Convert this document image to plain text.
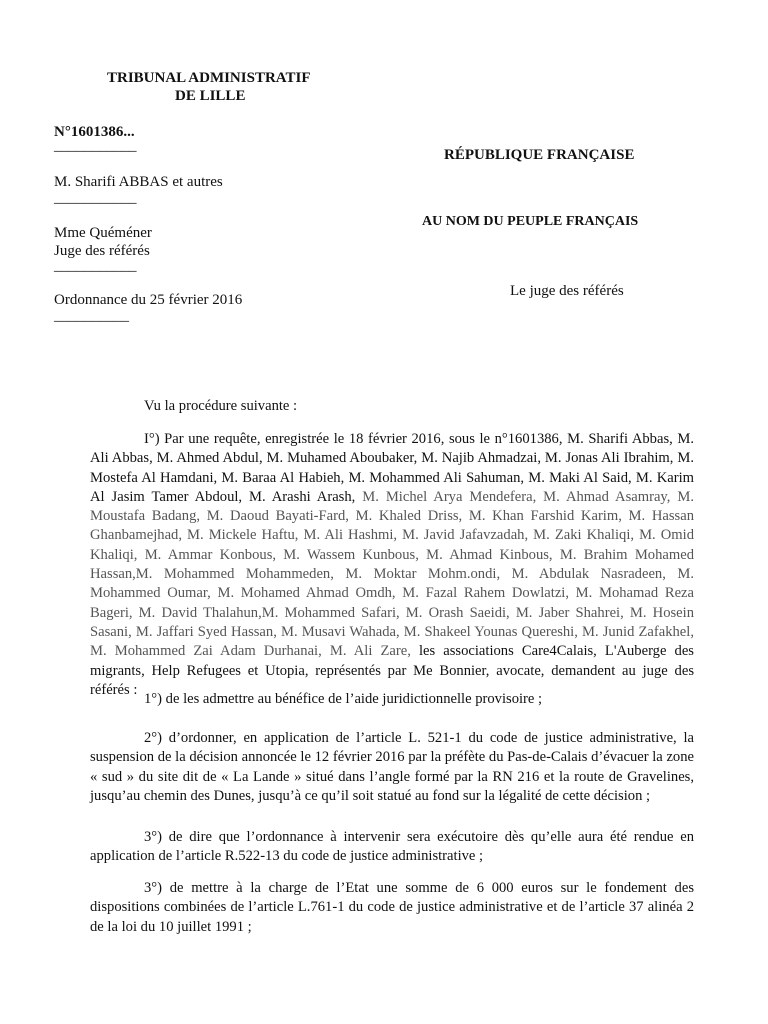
TRIBUNAL ADMINISTRATIF
DE LILLE
N°1601386...
___________
M. Sharifi ABBAS et autres
___________
Mme Quéméner
Juge des référés
___________
Ordonnance du 25 février 2016
__________
RÉPUBLIQUE FRANÇAISE
AU NOM DU PEUPLE FRANÇAIS
Le juge des référés

Vu la procédure suivante :

I°) Par une requête, enregistrée le 18 février 2016, sous le n°1601386, M. Sharifi Abbas, M. Ali Abbas, M. Ahmed Abdul, M. Muhamed Aboubaker, M. Najib Ahmadzai, M. Jonas Ali Ibrahim, M. Mostefa Al Hamdani, M. Baraa Al Habieh, M. Mohammed Ali Sahuman, M. Maki Al Said, M. Karim Al Jasim Tamer Abdoul, M. Arashi Arash, M. Michel Arya Mendefera, M. Ahmad Asamray, M. Moustafa Badang, M. Daoud Bayati-Fard, M. Khaled Driss, M. Khan Farshid Karim, M. Hassan Ghanbamejhad, M. Mickele Haftu, M. Ali Hashmi, M. Javid Jafavzadah, M. Zaki Khaliqi, M. Omid Khaliqi, M. Ammar Konbous, M. Wassem Kunbous, M. Ahmad Kinbous, M. Brahim Mohamed Hassan,M. Mohammed Mohammeden, M. Moktar Mohm.ondi, M. Abdulak Nasradeen, M. Mohammed Oumar, M. Mohamed Ahmad Omdh, M. Fazal Rahem Dowlatzi, M. Mohamad Reza Bageri, M. David Thalahun,M. Mohammed Safari, M. Orash Saeidi, M. Jaber Shahrei, M. Hosein Sasani, M. Jaffari Syed Hassan, M. Musavi Wahada, M. Shakeel Younas Quereshi, M. Junid Zafakhel, M. Mohammed Zai Adam Durhanai, M. Ali Zare, les associations Care4Calais, L'Auberge des migrants, Help Refugees et Utopia, représentés par Me Bonnier, avocate, demandent au juge des référés :

1°) de les admettre au bénéfice de l’aide juridictionnelle provisoire ;

2°) d’ordonner, en application de l’article L. 521-1 du code de justice administrative, la suspension de la décision annoncée le 12 février 2016 par la préfète du Pas-de-Calais d’évacuer la zone « sud » du site dit de « La Lande » situé dans l’angle formé par la RN 216 et la route de Gravelines, jusqu’au chemin des Dunes, jusqu’à ce qu’il soit statué au fond sur la légalité de cette décision ;

3°) de dire que l’ordonnance à intervenir sera exécutoire dès qu’elle aura été rendue en application de l’article R.522-13 du code de justice administrative ;

3°) de mettre à la charge de l’Etat une somme de 6 000 euros sur le fondement des dispositions combinées de l’article L.761-1 du code de justice administrative et de l’article 37 alinéa 2 de la loi du 10 juillet 1991 ;
